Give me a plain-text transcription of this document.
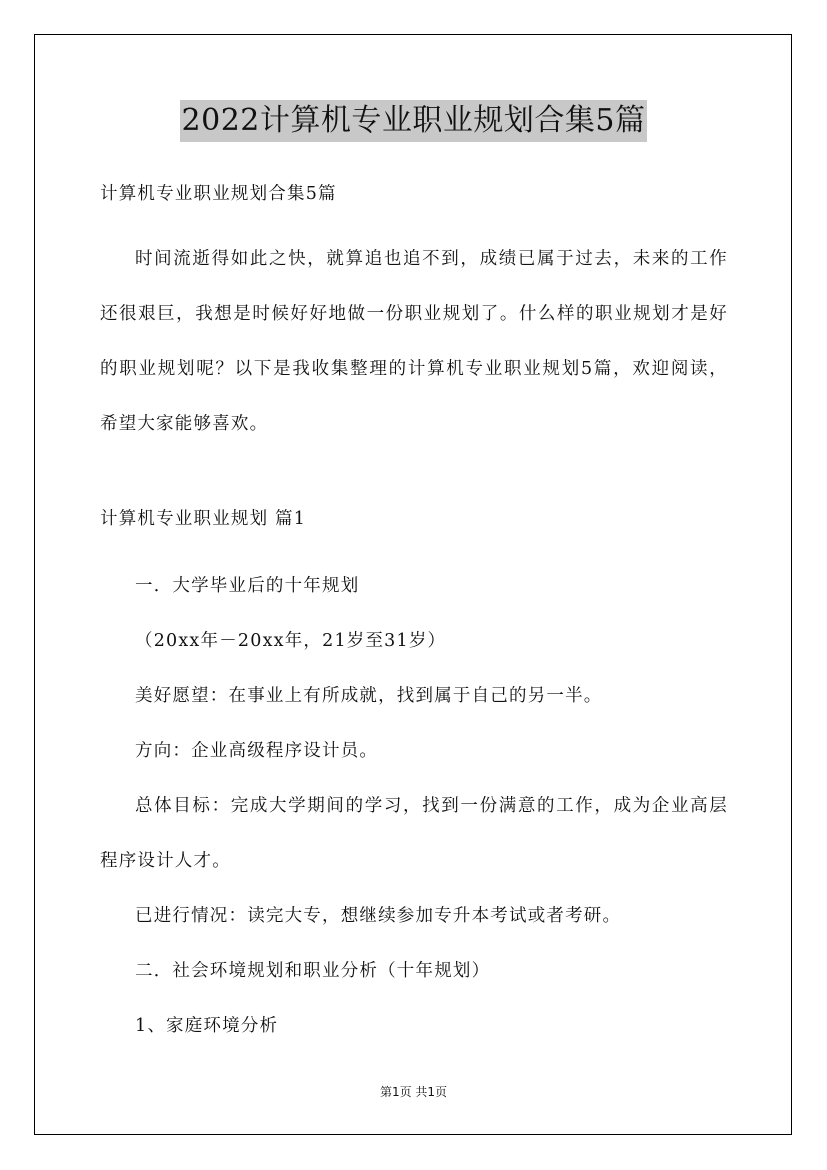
2022计算机专业职业规划合集5篇

计算机专业职业规划合集5篇

时间流逝得如此之快，就算追也追不到，成绩已属于过去，未来的工作还很艰巨，我想是时候好好地做一份职业规划了。什么样的职业规划才是好的职业规划呢？以下是我收集整理的计算机专业职业规划5篇，欢迎阅读，希望大家能够喜欢。

计算机专业职业规划 篇1

一．大学毕业后的十年规划

（20xx年－20xx年，21岁至31岁）

美好愿望：在事业上有所成就，找到属于自己的另一半。

方向：企业高级程序设计员。

总体目标：完成大学期间的学习，找到一份满意的工作，成为企业高层程序设计人才。

已进行情况：读完大专，想继续参加专升本考试或者考研。

二．社会环境规划和职业分析（十年规划）

1、家庭环境分析

第1页 共1页
